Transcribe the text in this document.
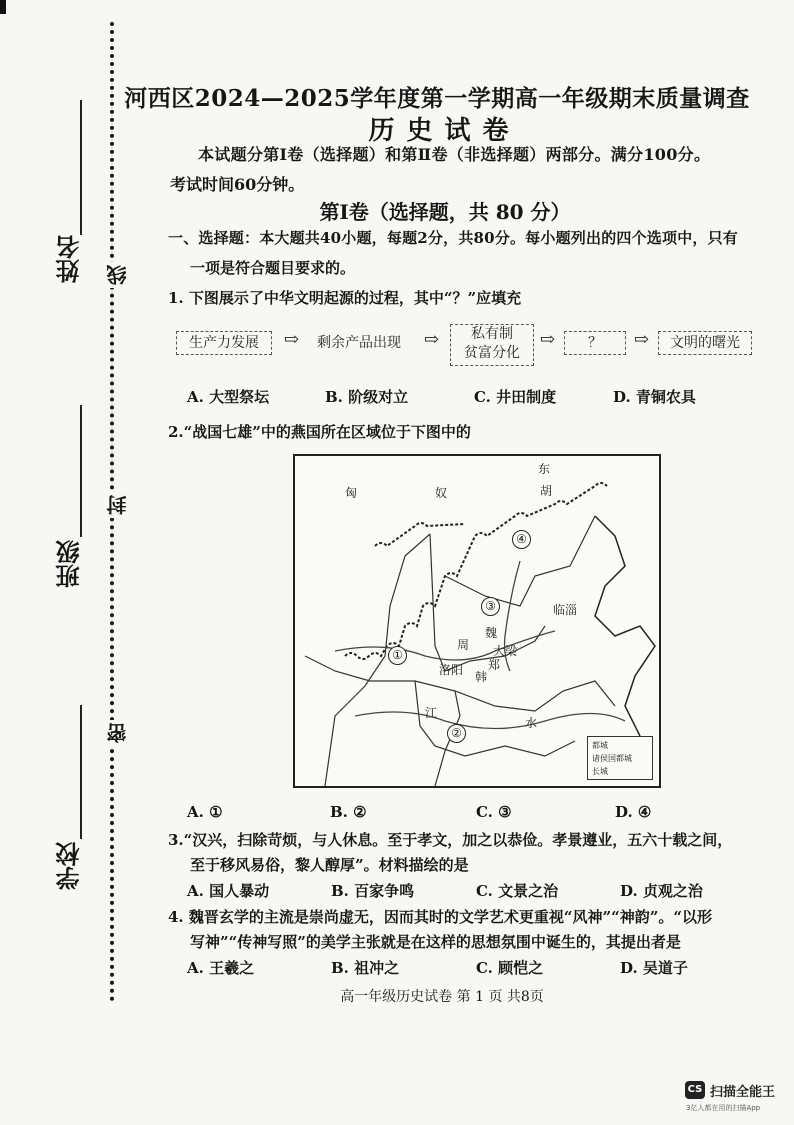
线
封
密
姓名
班级
学校
河西区2024—2025学年度第一学期高一年级期末质量调查
历史试卷
本试题分第Ⅰ卷（选择题）和第Ⅱ卷（非选择题）两部分。满分100分。
考试时间60分钟。
第Ⅰ卷（选择题，共 80 分）
一、选择题：本大题共40小题，每题2分，共80分。每小题列出的四个选项中，只有
一项是符合题目要求的。
1. 下图展示了中华文明起源的过程，其中“？”应填充
生产力发展	⇨	剩余产品出现	⇨	私有制
贫富分化
⇨	？	⇨	文明的曙光
A. 大型祭坛	B. 阶级对立	C. 井田制度	D. 青铜农具
2.“战国七雄”中的燕国所在区域位于下图中的
匈	奴
东
胡
临淄
洛阳
周 大梁
郑
韩
魏
江
水
①
②
③
④
都城
诸侯国都城
长城
A. ①	B. ②	C. ③	D. ④
3.“汉兴，扫除苛烦，与人休息。至于孝文，加之以恭俭。孝景遵业，五六十载之间，
至于移风易俗，黎人醇厚”。材料描绘的是
A. 国人暴动	B. 百家争鸣	C. 文景之治	D. 贞观之治
4. 魏晋玄学的主流是崇尚虚无，因而其时的文学艺术更重视“风神”“神韵”。“以形
写神”“传神写照”的美学主张就是在这样的思想氛围中诞生的，其提出者是
A. 王羲之	B. 祖冲之	C. 顾恺之	D. 吴道子
高一年级历史试卷 第 1 页 共8页
CS 扫描全能王
3亿人都在用的扫描App
